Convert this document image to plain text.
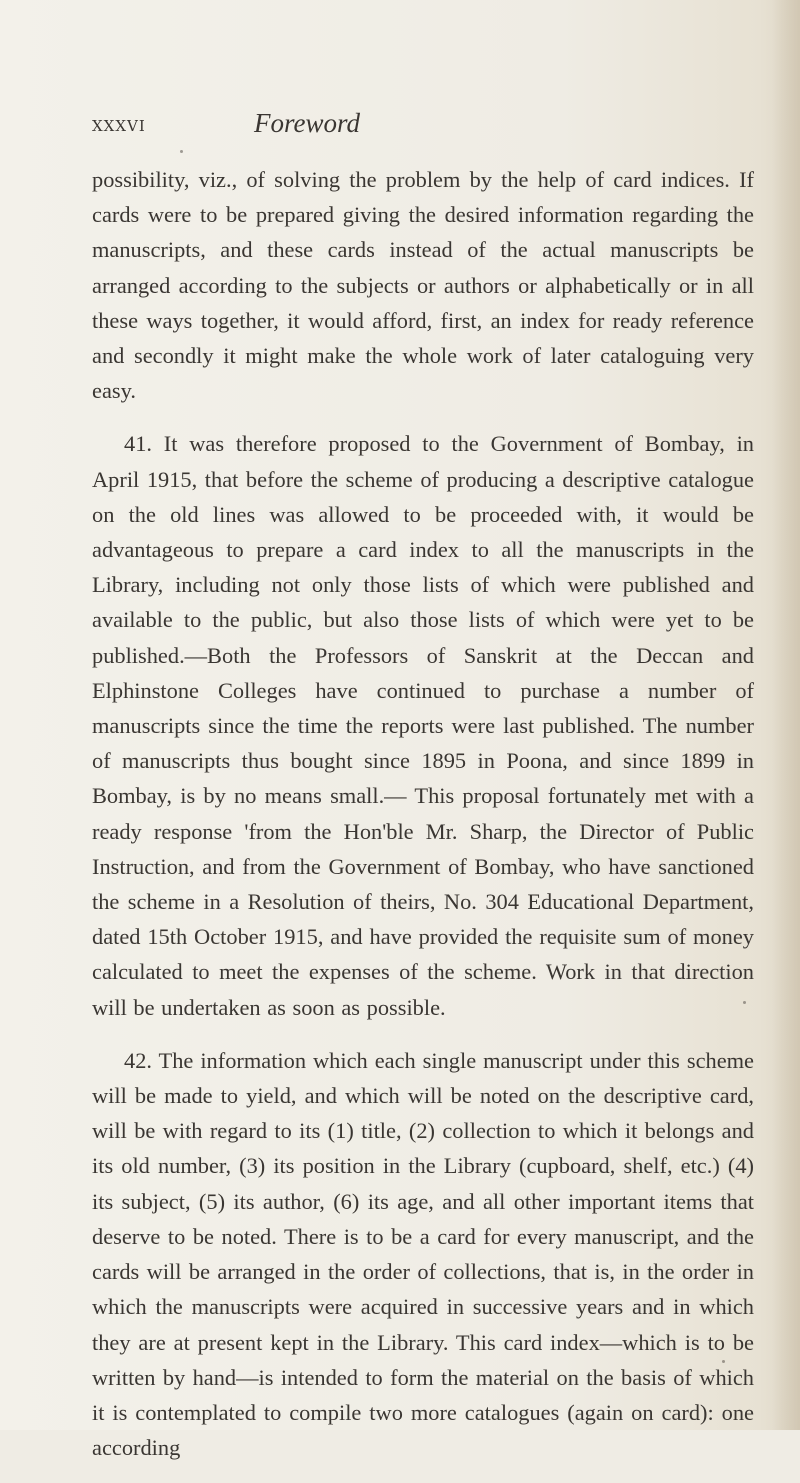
xxxvi	Foreword

possibility, viz., of solving the problem by the help of card indices. If cards were to be prepared giving the desired information regarding the manuscripts, and these cards instead of the actual manuscripts be arranged according to the subjects or authors or alphabetically or in all these ways together, it would afford, first, an index for ready reference and secondly it might make the whole work of later cataloguing very easy.

41. It was therefore proposed to the Government of Bombay, in April 1915, that before the scheme of producing a descriptive catalogue on the old lines was allowed to be proceeded with, it would be advantageous to prepare a card index to all the manuscripts in the Library, including not only those lists of which were published and available to the public, but also those lists of which were yet to be published.—Both the Professors of Sanskrit at the Deccan and Elphinstone Colleges have continued to purchase a number of manuscripts since the time the reports were last published. The number of manuscripts thus bought since 1895 in Poona, and since 1899 in Bombay, is by no means small.— This proposal fortunately met with a ready response 'from the Hon'ble Mr. Sharp, the Director of Public Instruction, and from the Government of Bombay, who have sanctioned the scheme in a Resolution of theirs, No. 304 Educational Department, dated 15th October 1915, and have provided the requisite sum of money calculated to meet the expenses of the scheme. Work in that direction will be undertaken as soon as possible.

42. The information which each single manuscript under this scheme will be made to yield, and which will be noted on the descriptive card, will be with regard to its (1) title, (2) collection to which it belongs and its old number, (3) its position in the Library (cupboard, shelf, etc.) (4) its subject, (5) its author, (6) its age, and all other important items that deserve to be noted. There is to be a card for every manuscript, and the cards will be arranged in the order of collections, that is, in the order in which the manuscripts were acquired in successive years and in which they are at present kept in the Library. This card index—which is to be written by hand—is intended to form the material on the basis of which it is contemplated to compile two more catalogues (again on card): one according
